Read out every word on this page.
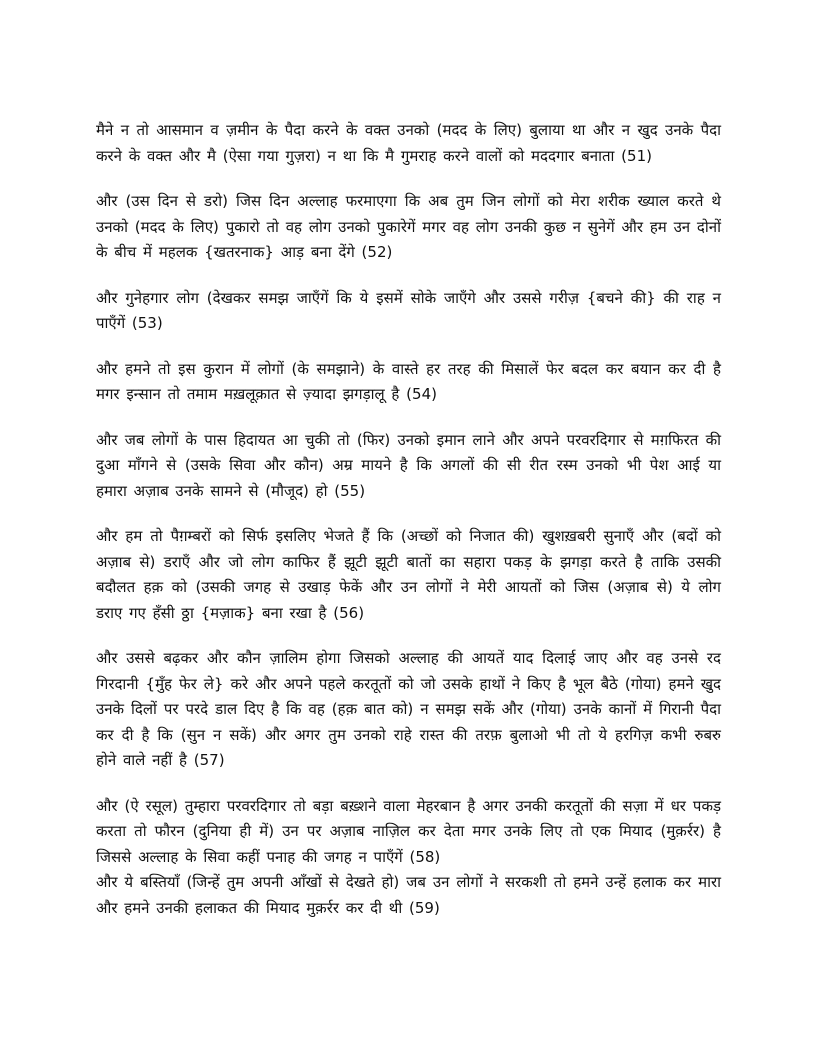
मैने न तो आसमान व ज़मीन के पैदा करने के वक्त उनको (मदद के लिए) बुलाया था और न खुद उनके पैदा करने के वक्त और मै (ऐसा गया गुज़रा) न था कि मै गुमराह करने वालों को मददगार बनाता (51)

और (उस दिन से डरो) जिस दिन अल्लाह फरमाएगा कि अब तुम जिन लोगों को मेरा शरीक ख्याल करते थे उनको (मदद के लिए) पुकारो तो वह लोग उनको पुकारेगें मगर वह लोग उनकी कुछ न सुनेगें और हम उन दोनों के बीच में महलक {खतरनाक} आड़ बना देंगे (52)

और गुनेहगार लोग (देखकर समझ जाएँगें कि ये इसमें सोके जाएँगे और उससे गरीज़ {बचने की} की राह न पाएँगें (53)

और हमने तो इस कुरान में लोगों (के समझाने) के वास्ते हर तरह की मिसालें फेर बदल कर बयान कर दी है मगर इन्सान तो तमाम मख़लूक़ात से ज़्यादा झगड़ालू है (54)

और जब लोगों के पास हिदायत आ चुकी तो (फिर) उनको इमान लाने और अपने परवरदिगार से मग़फिरत की दुआ माँगने से (उसके सिवा और कौन) अम्र मायने है कि अगलों की सी रीत रस्म उनको भी पेश आई या हमारा अज़ाब उनके सामने से (मौजूद) हो (55)

और हम तो पैग़म्बरों को सिर्फ इसलिए भेजते हैं कि (अच्छों को निजात की) खुशख़बरी सुनाएँ और (बदों को अज़ाब से) डराएँ और जो लोग काफिर हैं झूटी झूटी बातों का सहारा पकड़ के झगड़ा करते है ताकि उसकी बदौलत हक़ को (उसकी जगह से उखाड़ फेकें और उन लोगों ने मेरी आयतों को जिस (अज़ाब से) ये लोग डराए गए हँसी ठ्ठा {मज़ाक} बना रखा है (56)

और उससे बढ़कर और कौन ज़ालिम होगा जिसको अल्लाह की आयतें याद दिलाई जाए और वह उनसे रद गिरदानी {मुँह फेर ले} करे और अपने पहले करतूतों को जो उसके हाथों ने किए है भूल बैठे (गोया) हमने खुद उनके दिलों पर परदे डाल दिए है कि वह (हक़ बात को) न समझ सकें और (गोया) उनके कानों में गिरानी पैदा कर दी है कि (सुन न सकें) और अगर तुम उनको राहे रास्त की तरफ़ बुलाओ भी तो ये हरगिज़ कभी रुबरु होने वाले नहीं है (57)

और (ऐ रसूल) तुम्हारा परवरदिगार तो बड़ा बख़्शने वाला मेहरबान है अगर उनकी करतूतों की सज़ा में धर पकड़ करता तो फौरन (दुनिया ही में) उन पर अज़ाब नाज़िल कर देता मगर उनके लिए तो एक मियाद (मुक़र्रर) है जिससे अल्लाह के सिवा कहीं पनाह की जगह न पाएँगें (58)

और ये बस्तियाँ (जिन्हें तुम अपनी आँखों से देखते हो) जब उन लोगों ने सरकशी तो हमने उन्हें हलाक कर मारा और हमने उनकी हलाकत की मियाद मुक़र्रर कर दी थी (59)
